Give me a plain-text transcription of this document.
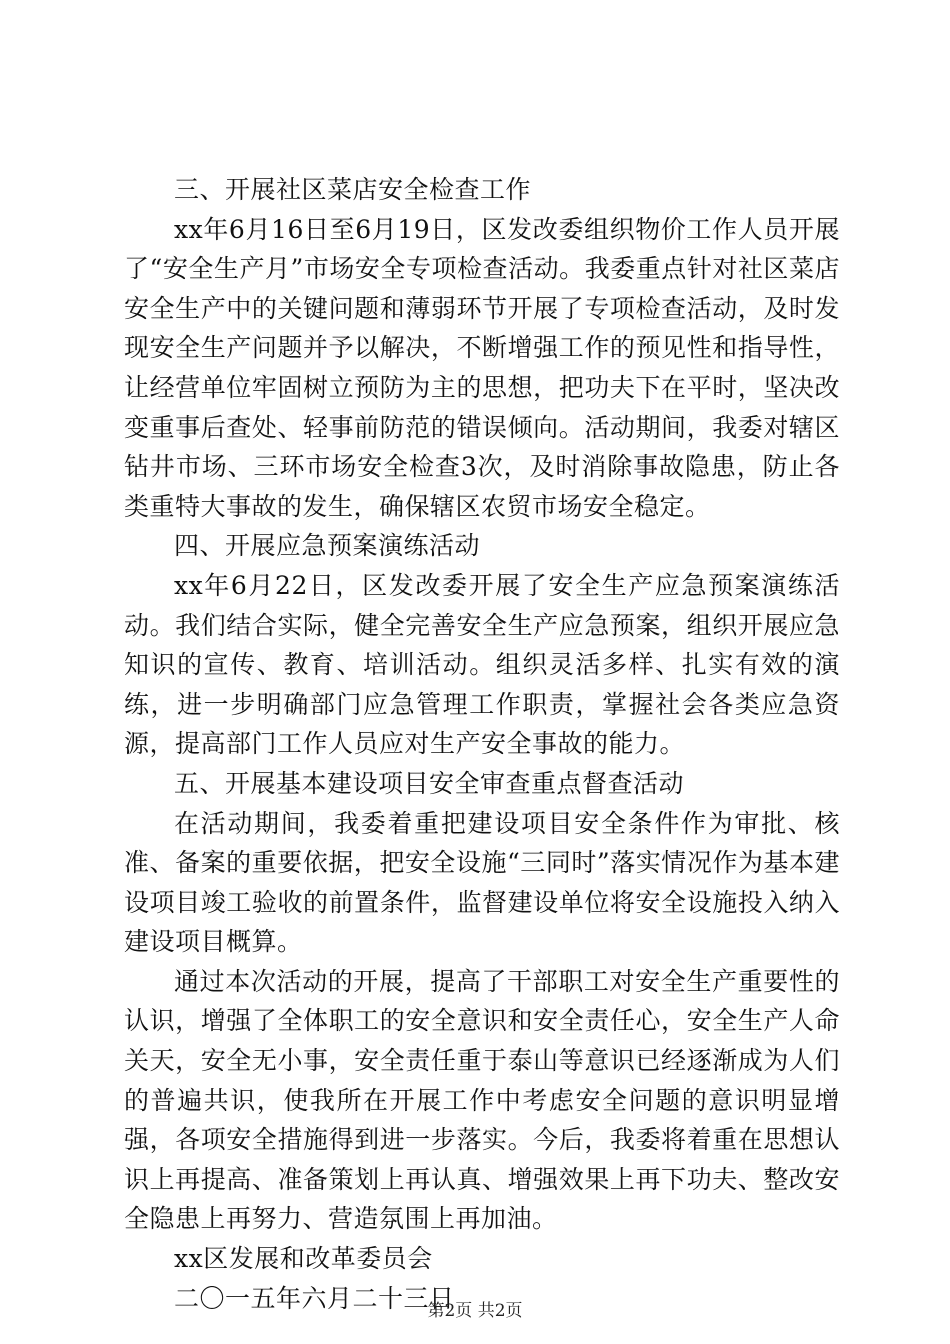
三、开展社区菜店安全检查工作

xx年6月16日至6月19日，区发改委组织物价工作人员开展了“安全生产月”市场安全专项检查活动。我委重点针对社区菜店安全生产中的关键问题和薄弱环节开展了专项检查活动，及时发现安全生产问题并予以解决，不断增强工作的预见性和指导性，让经营单位牢固树立预防为主的思想，把功夫下在平时，坚决改变重事后查处、轻事前防范的错误倾向。活动期间，我委对辖区钻井市场、三环市场安全检查3次，及时消除事故隐患，防止各类重特大事故的发生，确保辖区农贸市场安全稳定。

四、开展应急预案演练活动

xx年6月22日，区发改委开展了安全生产应急预案演练活动。我们结合实际，健全完善安全生产应急预案，组织开展应急知识的宣传、教育、培训活动。组织灵活多样、扎实有效的演练，进一步明确部门应急管理工作职责，掌握社会各类应急资源，提高部门工作人员应对生产安全事故的能力。

五、开展基本建设项目安全审查重点督查活动

在活动期间，我委着重把建设项目安全条件作为审批、核准、备案的重要依据，把安全设施“三同时”落实情况作为基本建设项目竣工验收的前置条件，监督建设单位将安全设施投入纳入建设项目概算。

通过本次活动的开展，提高了干部职工对安全生产重要性的认识，增强了全体职工的安全意识和安全责任心，安全生产人命关天，安全无小事，安全责任重于泰山等意识已经逐渐成为人们的普遍共识，使我所在开展工作中考虑安全问题的意识明显增强，各项安全措施得到进一步落实。今后，我委将着重在思想认识上再提高、准备策划上再认真、增强效果上再下功夫、整改安全隐患上再努力、营造氛围上再加油。

xx区发展和改革委员会

二〇一五年六月二十三日

第2页 共2页
